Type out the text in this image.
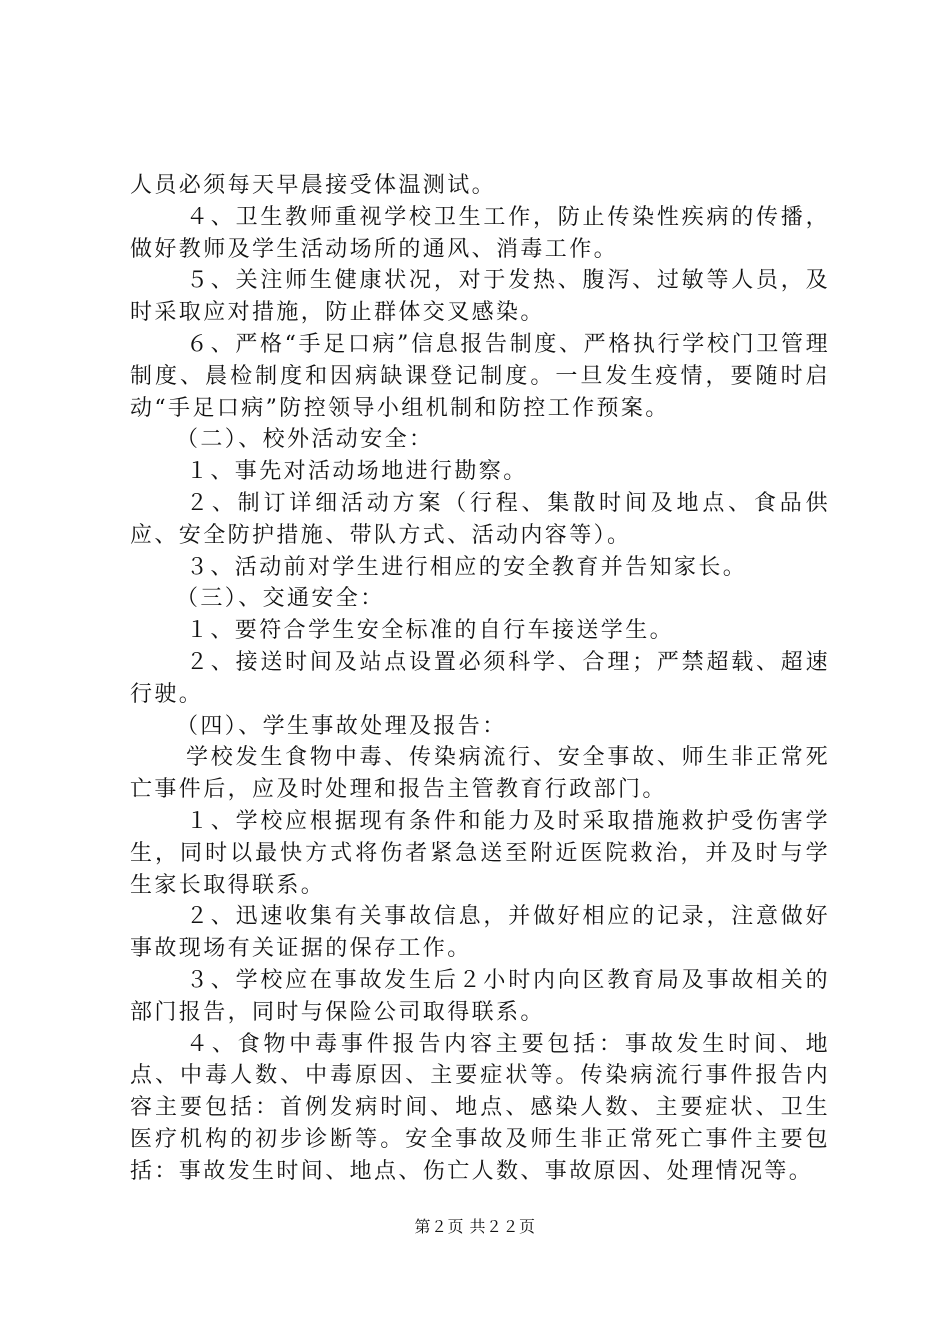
人员必须每天早晨接受体温测试。

４、卫生教师重视学校卫生工作，防止传染性疾病的传播，做好教师及学生活动场所的通风、消毒工作。

５、关注师生健康状况，对于发热、腹泻、过敏等人员，及时采取应对措施，防止群体交叉感染。

６、严格“手足口病”信息报告制度、严格执行学校门卫管理制度、晨检制度和因病缺课登记制度。一旦发生疫情，要随时启动“手足口病”防控领导小组机制和防控工作预案。

（二）、校外活动安全：

１、事先对活动场地进行勘察。

２、制订详细活动方案（行程、集散时间及地点、食品供应、安全防护措施、带队方式、活动内容等）。

３、活动前对学生进行相应的安全教育并告知家长。

（三）、交通安全：

１、要符合学生安全标准的自行车接送学生。

２、接送时间及站点设置必须科学、合理；严禁超载、超速行驶。

（四）、学生事故处理及报告：

学校发生食物中毒、传染病流行、安全事故、师生非正常死亡事件后，应及时处理和报告主管教育行政部门。

１、学校应根据现有条件和能力及时采取措施救护受伤害学生，同时以最快方式将伤者紧急送至附近医院救治，并及时与学生家长取得联系。

２、迅速收集有关事故信息，并做好相应的记录，注意做好事故现场有关证据的保存工作。

３、学校应在事故发生后２小时内向区教育局及事故相关的部门报告，同时与保险公司取得联系。

４、食物中毒事件报告内容主要包括：事故发生时间、地点、中毒人数、中毒原因、主要症状等。传染病流行事件报告内容主要包括：首例发病时间、地点、感染人数、主要症状、卫生医疗机构的初步诊断等。安全事故及师生非正常死亡事件主要包括：事故发生时间、地点、伤亡人数、事故原因、处理情况等。

第２页 共２２页
